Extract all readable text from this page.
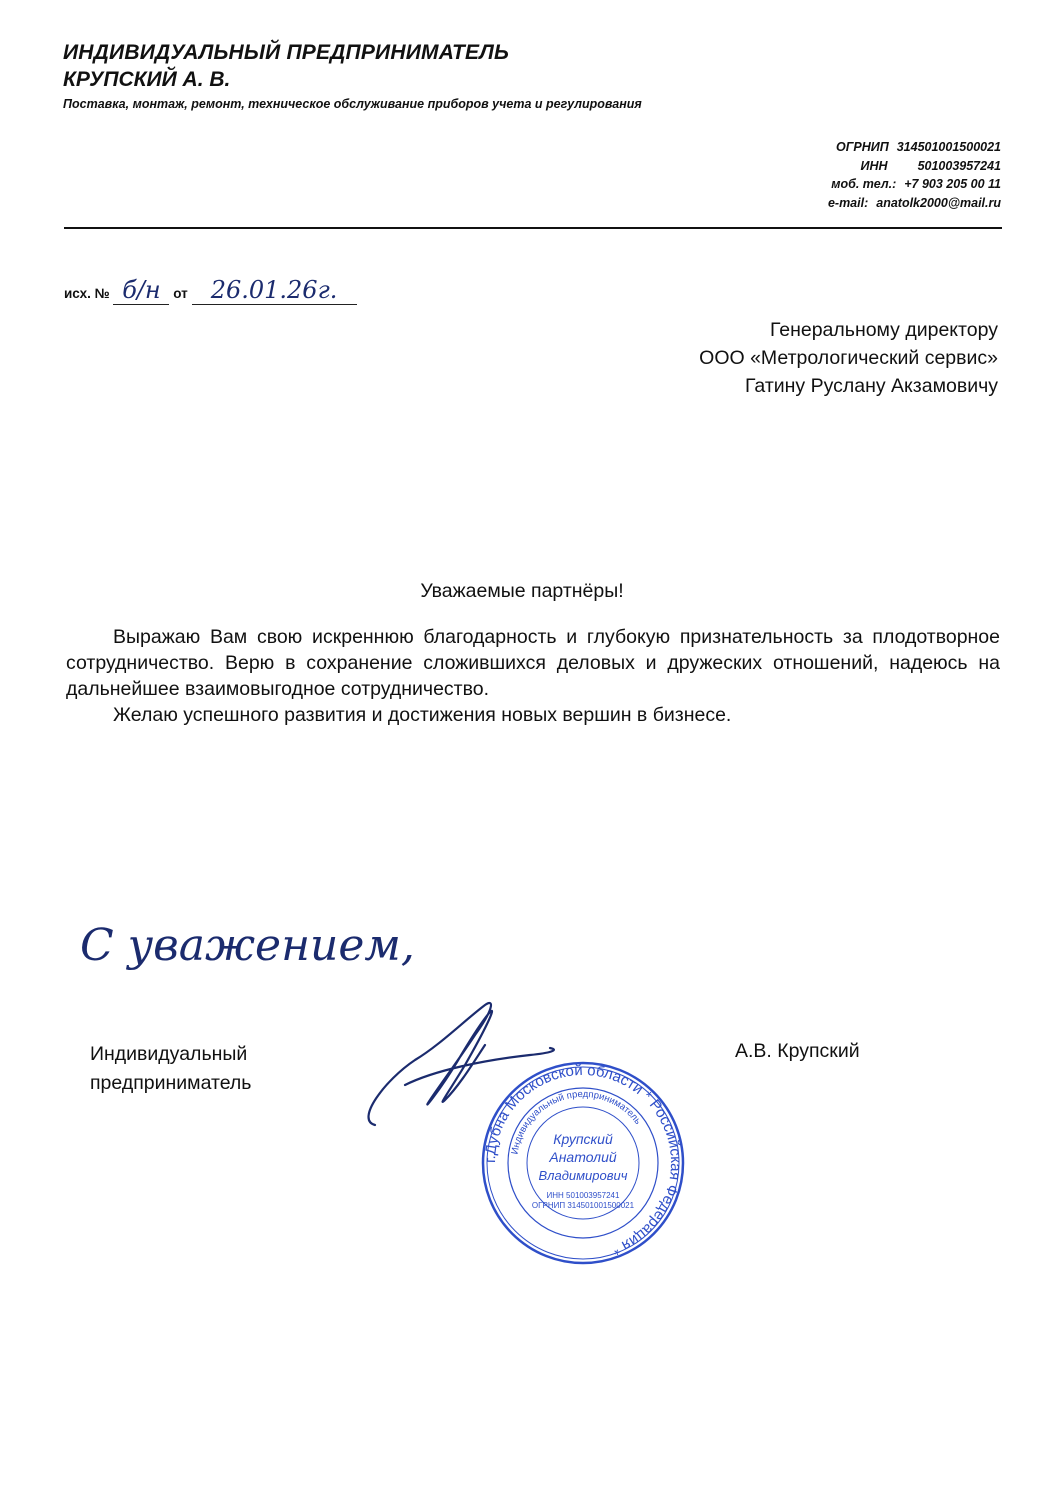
ИНДИВИДУАЛЬНЫЙ ПРЕДПРИНИМАТЕЛЬ
КРУПСКИЙ А. В.
Поставка, монтаж, ремонт, техническое обслуживание приборов учета и регулирования
ОГРНИП 314501001500021
ИНН	501003957241
моб. тел.: +7 903 205 00 11
e-mail: anatolk2000@mail.ru
исх. № б/н от 26.01.26г.
Генеральному директору
ООО «Метрологический сервис»
Гатину Руслану Акзамовичу
Уважаемые партнёры!

Выражаю Вам свою искреннюю благодарность и глубокую признательность за плодотворное сотрудничество. Верю в сохранение сложившихся деловых и дружеских отношений, надеюсь на дальнейшее взаимовыгодное сотрудничество.

Желаю успешного развития и достижения новых вершин в бизнесе.

С уважением,
Индивидуальный
предприниматель
А.В. Крупский
г.Дубна Московской области * Российская Федерация *
Индивидуальный предприниматель
Крупский
Анатолий
Владимирович
ИНН 501003957241
ОГРНИП 314501001500021
